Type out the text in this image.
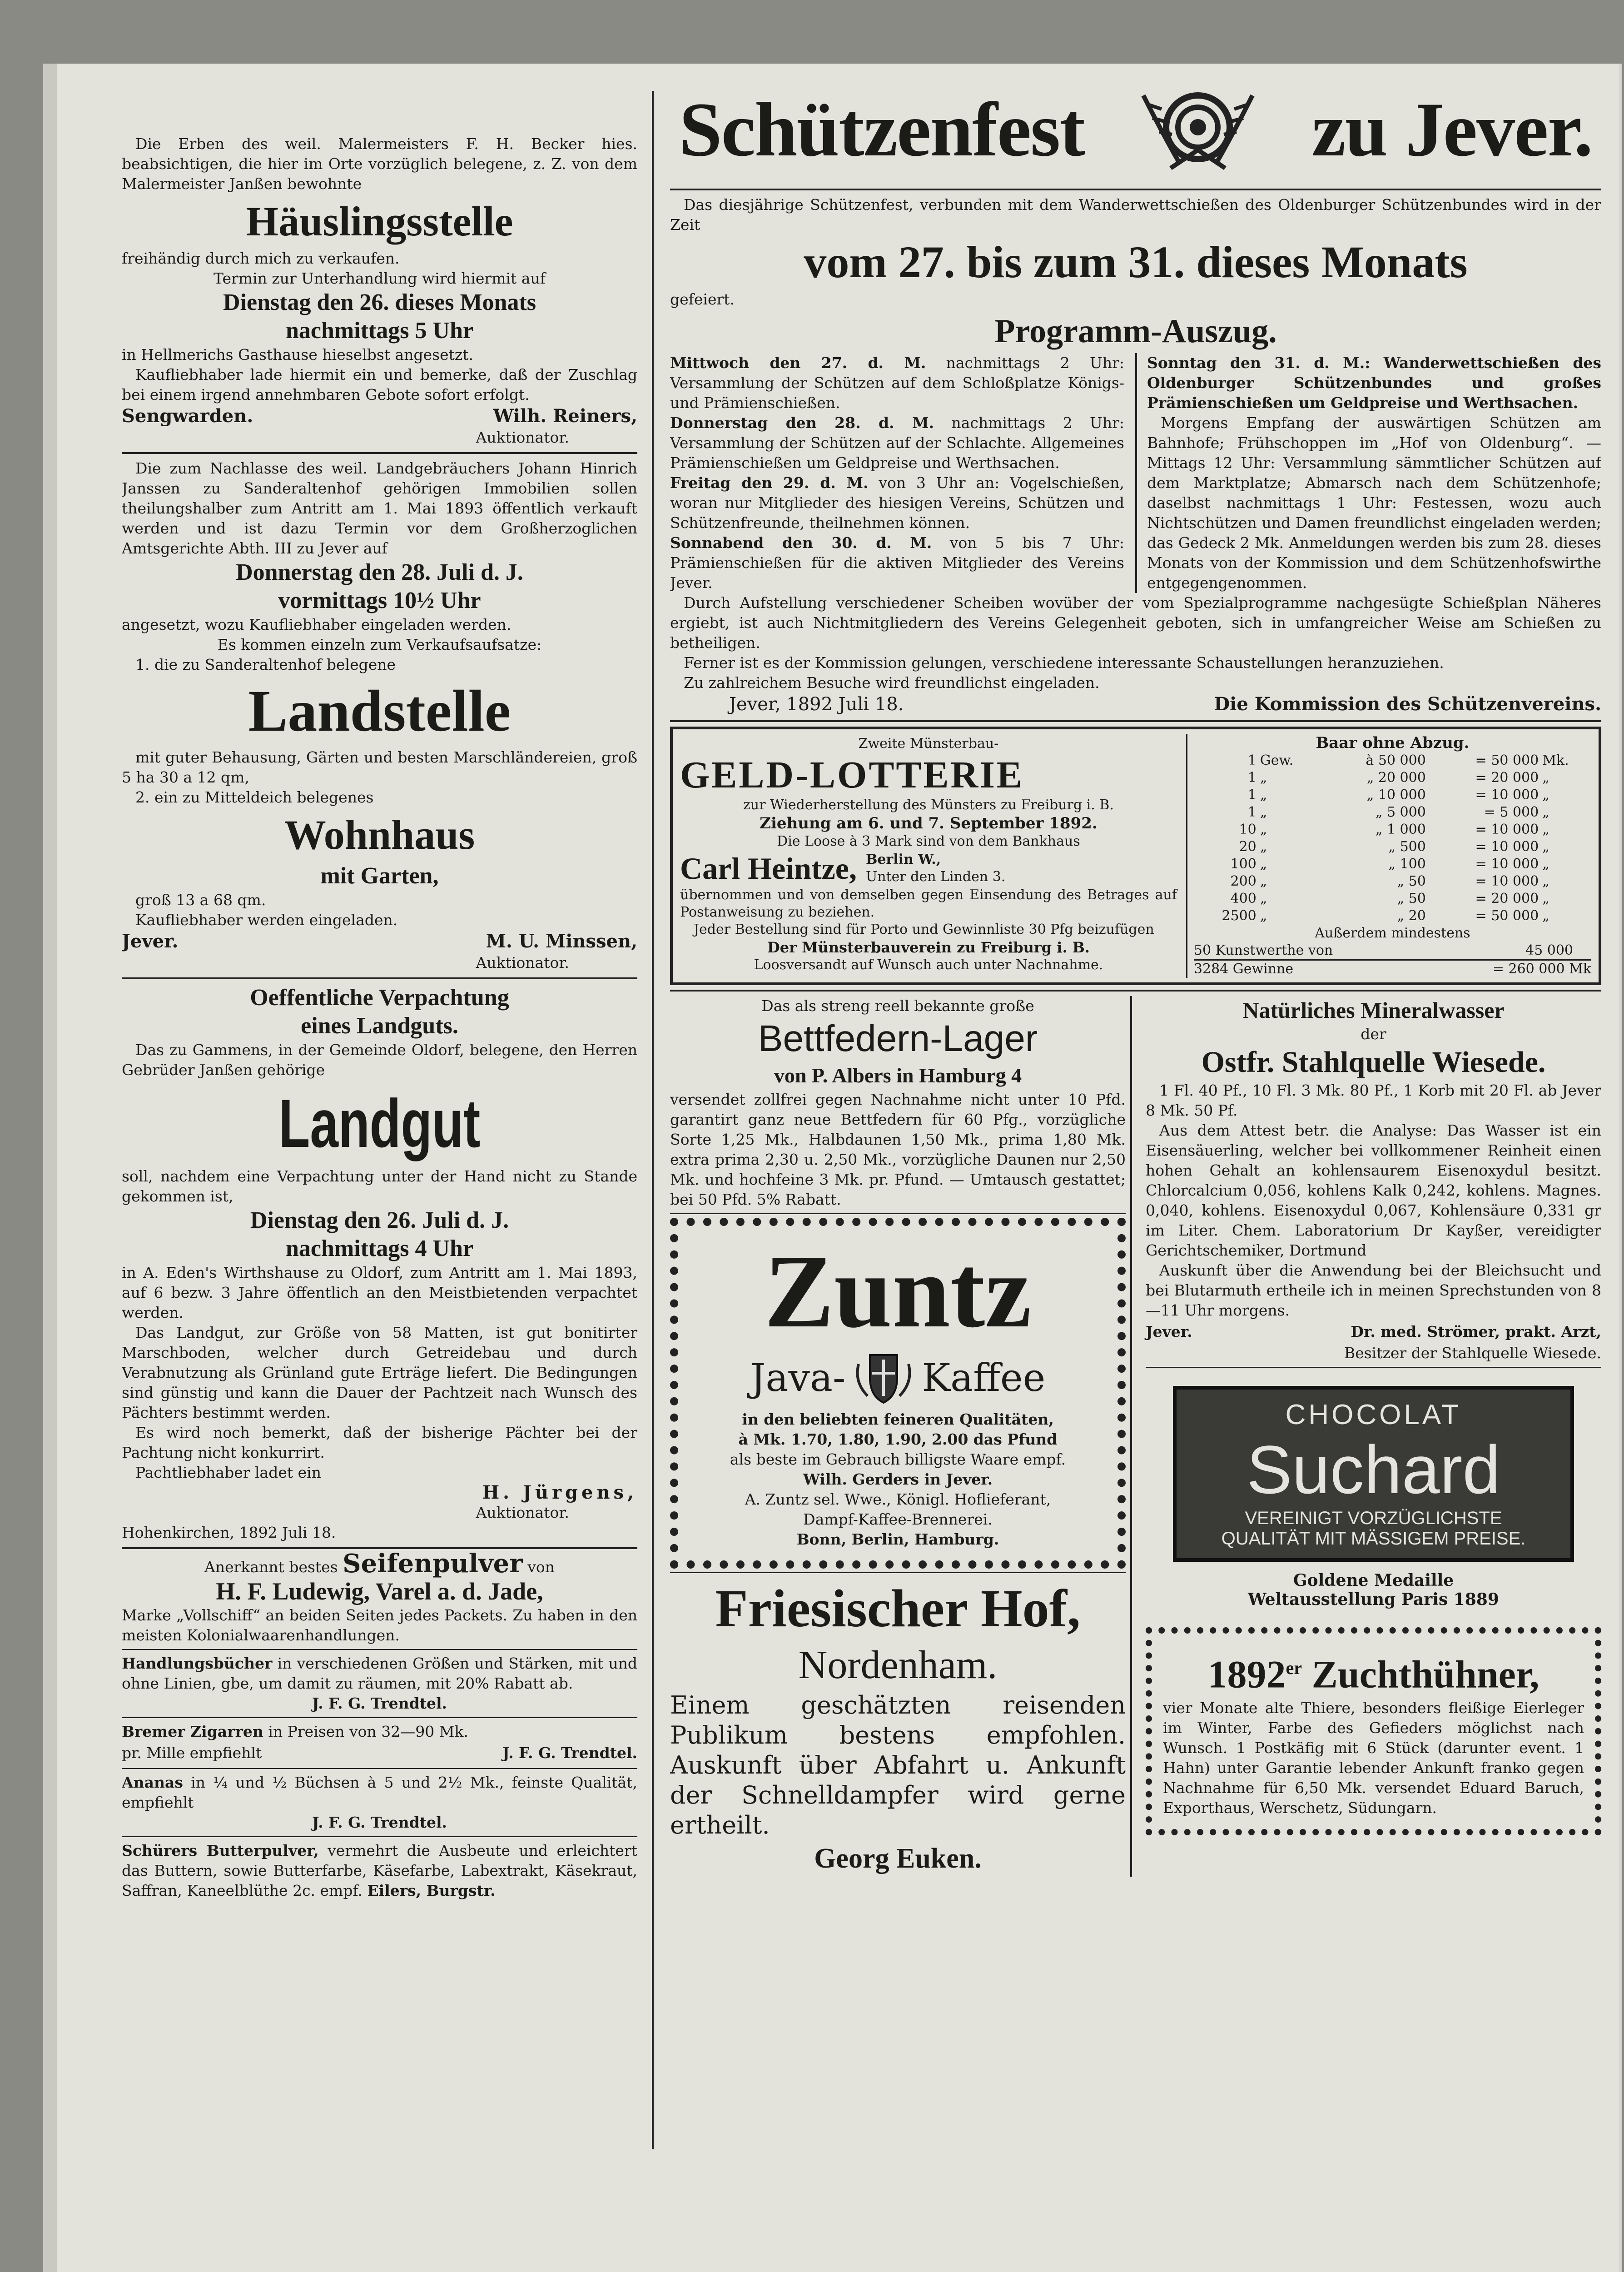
Die Erben des weil. Malermeisters F. H. Becker hies. beabsichtigen, die hier im Orte vorzüglich belegene, z. Z. von dem Malermeister Janßen bewohnte

Häuslingsstelle

freihändig durch mich zu verkaufen.

Termin zur Unterhandlung wird hiermit auf

Dienstag den 26. dieses Monats
nachmittags 5 Uhr

in Hellmerichs Gasthause hieselbst angesetzt.

Kaufliebhaber lade hiermit ein und bemerke, daß der Zuschlag bei einem irgend annehmbaren Gebote sofort erfolgt.

Sengwarden.	Wilh. Reiners,
Auktionator.

Die zum Nachlasse des weil. Landgebräuchers Johann Hinrich Janssen zu Sanderaltenhof gehörigen Immobilien sollen theilungshalber zum Antritt am 1. Mai 1893 öffentlich verkauft werden und ist dazu Termin vor dem Großherzoglichen Amtsgerichte Abth. III zu Jever auf

Donnerstag den 28. Juli d. J.
vormittags 10½ Uhr

angesetzt, wozu Kaufliebhaber eingeladen werden.

Es kommen einzeln zum Verkaufsaufsatze:

1. die zu Sanderaltenhof belegene

Landstelle

mit guter Behausung, Gärten und besten Marschländereien, groß 5 ha 30 a 12 qm,

2. ein zu Mitteldeich belegenes

Wohnhaus
mit Garten,

groß 13 a 68 qm.

Kaufliebhaber werden eingeladen.

Jever.	M. U. Minssen,
Auktionator.
Oeffentliche Verpachtung
eines Landguts.

Das zu Gammens, in der Gemeinde Oldorf, belegene, den Herren Gebrüder Janßen gehörige

Landgut

soll, nachdem eine Verpachtung unter der Hand nicht zu Stande gekommen ist,

Dienstag den 26. Juli d. J.
nachmittags 4 Uhr

in A. Eden's Wirthshause zu Oldorf, zum Antritt am 1. Mai 1893, auf 6 bezw. 3 Jahre öffentlich an den Meistbietenden verpachtet werden.

Das Landgut, zur Größe von 58 Matten, ist gut bonitirter Marschboden, welcher durch Getreidebau und durch Verabnutzung als Grünland gute Erträge liefert. Die Bedingungen sind günstig und kann die Dauer der Pachtzeit nach Wunsch des Pächters bestimmt werden.

Es wird noch bemerkt, daß der bisherige Pächter bei der Pachtung nicht konkurrirt.

Pachtliebhaber ladet ein

H. Jürgens,
Auktionator.

Hohenkirchen, 1892 Juli 18.

Anerkannt bestes Seifenpulver von
H. F. Ludewig, Varel a. d. Jade,

Marke „Vollschiff“ an beiden Seiten jedes Packets. Zu haben in den meisten Kolonialwaarenhandlungen.

Handlungsbücher in verschiedenen Größen und Stärken, mit und ohne Linien, gbe, um damit zu räumen, mit 20% Rabatt ab.

J. F. G. Trendtel.

Bremer Zigarren in Preisen von 32—90 Mk.

pr. Mille empfiehlt	J. F. G. Trendtel.

Ananas in ¼ und ½ Büchsen à 5 und 2½ Mk., feinste Qualität, empfiehlt

J. F. G. Trendtel.

Schürers Butterpulver, vermehrt die Ausbeute und erleichtert das Buttern, sowie Butterfarbe, Käsefarbe, Labextrakt, Käsekraut, Saffran, Kaneelblüthe 2c. empf. Eilers, Burgstr.

Schützenfest	zu Jever.

Das diesjährige Schützenfest, verbunden mit dem Wanderwettschießen des Oldenburger Schützenbundes wird in der Zeit

vom 27. bis zum 31. dieses Monats

gefeiert.

Programm-Auszug.

Mittwoch den 27. d. M. nachmittags 2 Uhr: Versammlung der Schützen auf dem Schloßplatze Königs- und Prämienschießen.

Donnerstag den 28. d. M. nachmittags 2 Uhr: Versammlung der Schützen auf der Schlachte. Allgemeines Prämienschießen um Geldpreise und Werthsachen.

Freitag den 29. d. M. von 3 Uhr an: Vogelschießen, woran nur Mitglieder des hiesigen Vereins, Schützen und Schützenfreunde, theilnehmen können.

Sonnabend den 30. d. M. von 5 bis 7 Uhr: Prämienschießen für die aktiven Mitglieder des Vereins Jever.

Sonntag den 31. d. M.: Wanderwettschießen des Oldenburger Schützenbundes und großes Prämienschießen um Geldpreise und Werthsachen.

Morgens Empfang der auswärtigen Schützen am Bahnhofe; Frühschoppen im „Hof von Oldenburg“. — Mittags 12 Uhr: Versammlung sämmtlicher Schützen auf dem Marktplatze; Abmarsch nach dem Schützenhofe; daselbst nachmittags 1 Uhr: Festessen, wozu auch Nichtschützen und Damen freundlichst eingeladen werden; das Gedeck 2 Mk. Anmeldungen werden bis zum 28. dieses Monats von der Kommission und dem Schützenhofswirthe entgegengenommen.

Durch Aufstellung verschiedener Scheiben wovüber der vom Spezialprogramme nachgesügte Schießplan Näheres ergiebt, ist auch Nichtmitgliedern des Vereins Gelegenheit geboten, sich in umfangreicher Weise am Schießen zu betheiligen.

Ferner ist es der Kommission gelungen, verschiedene interessante Schaustellungen heranzuziehen.

Zu zahlreichem Besuche wird freundlichst eingeladen.

Jever, 1892 Juli 18.	Die Kommission des Schützenvereins.
Zweite Münsterbau-
GELD-LOTTERIE
zur Wiederherstellung des Münsters zu Freiburg i. B.
Ziehung am 6. und 7. September 1892.
Die Loose à 3 Mark sind von dem Bankhaus
Carl Heintze, Berlin W.,
Unter den Linden 3.

übernommen und von demselben gegen Einsendung des Betrages auf Postanweisung zu beziehen.

Jeder Bestellung sind für Porto und Gewinnliste 30 Pfg beizufügen

Der Münsterbauverein zu Freiburg i. B.
Loosversandt auf Wunsch auch unter Nachnahme.
Baar ohne Abzug.
1	Gew.	à 50 000	= 50 000	Mk.
1	„	„ 20 000	= 20 000	„
1	„	„ 10 000	= 10 000	„
1	„	„ 5 000	= 5 000	„
10	„	„ 1 000	= 10 000	„
20	„	„ 500	= 10 000	„
100	„	„ 100	= 10 000	„
200	„	„ 50	= 10 000	„
400	„	„ 50	= 20 000	„
2500	„	„ 20	= 50 000	„
Außerdem mindestens
50 Kunstwerthe von	45 000
3284 Gewinne	= 260 000 Mk
Das als streng reell bekannte große
Bettfedern-Lager
von P. Albers in Hamburg 4

versendet zollfrei gegen Nachnahme nicht unter 10 Pfd. garantirt ganz neue Bettfedern für 60 Pfg., vorzügliche Sorte 1,25 Mk., Halbdaunen 1,50 Mk., prima 1,80 Mk. extra prima 2,30 u. 2,50 Mk., vorzügliche Daunen nur 2,50 Mk. und hochfeine 3 Mk. pr. Pfund. — Umtausch gestattet; bei 50 Pfd. 5% Rabatt.

Zuntz
Java- Kaffee
in den beliebten feineren Qualitäten,
à Mk. 1.70, 1.80, 1.90, 2.00 das Pfund
als beste im Gebrauch billigste Waare empf.
Wilh. Gerders in Jever.
A. Zuntz sel. Wwe., Königl. Hoflieferant,
Dampf-Kaffee-Brennerei.
Bonn, Berlin, Hamburg.
Friesischer Hof,
Nordenham.

Einem geschätzten reisenden Publikum bestens empfohlen. Auskunft über Abfahrt u. Ankunft der Schnelldampfer wird gerne ertheilt.

Georg Euken.
Natürliches Mineralwasser
der
Ostfr. Stahlquelle Wiesede.

1 Fl. 40 Pf., 10 Fl. 3 Mk. 80 Pf., 1 Korb mit 20 Fl. ab Jever 8 Mk. 50 Pf.

Aus dem Attest betr. die Analyse: Das Wasser ist ein Eisensäuerling, welcher bei vollkommener Reinheit einen hohen Gehalt an kohlensaurem Eisenoxydul besitzt. Chlorcalcium 0,056, kohlens Kalk 0,242, kohlens. Magnes. 0,040, kohlens. Eisenoxydul 0,067, Kohlensäure 0,331 gr im Liter. Chem. Laboratorium Dr Kayßer, vereidigter Gerichtschemiker, Dortmund

Auskunft über die Anwendung bei der Bleichsucht und bei Blutarmuth ertheile ich in meinen Sprechstunden von 8—11 Uhr morgens.

Jever.	Dr. med. Strömer, prakt. Arzt,
Besitzer der Stahlquelle Wiesede.
CHOCOLAT
Suchard
VEREINIGT VORZÜGLICHSTE
QUALITÄT MIT MÄSSIGEM PREISE.
Goldene Medaille
Weltausstellung Paris 1889
1892er Zuchthühner,

vier Monate alte Thiere, besonders fleißige Eierleger im Winter, Farbe des Gefieders möglichst nach Wunsch. 1 Postkäfig mit 6 Stück (darunter event. 1 Hahn) unter Garantie lebender Ankunft franko gegen Nachnahme für 6,50 Mk. versendet Eduard Baruch, Exporthaus, Werschetz, Südungarn.
